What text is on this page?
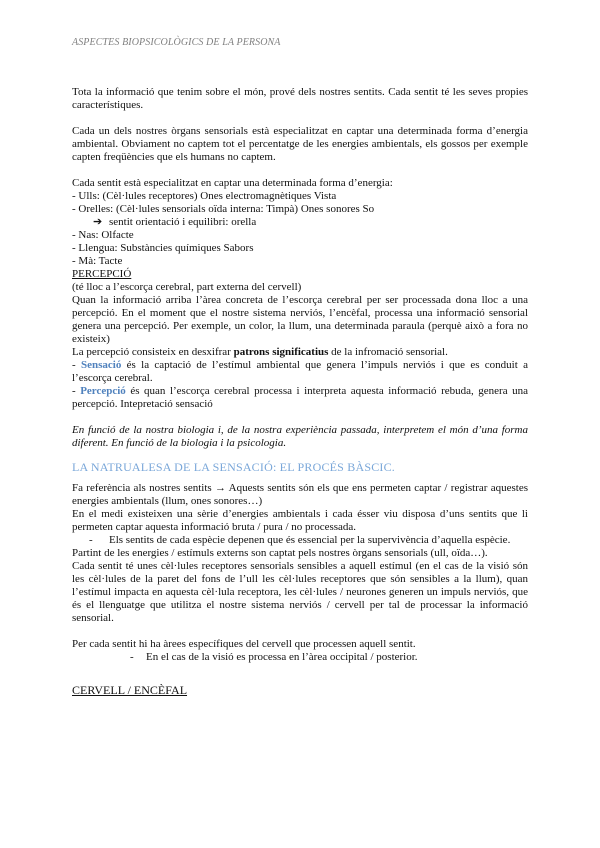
ASPECTES BIOPSICOLÒGICS DE LA PERSONA

Tota la informació que tenim sobre el món, prové dels nostres sentits. Cada sentit té les seves propies característiques.

Cada un dels nostres òrgans sensorials està especialitzat en captar una determinada forma d’energia ambiental. Obviament no captem tot el percentatge de les energies ambientals, els gossos per exemple capten freqüències que els humans no captem.

Cada sentit està especialitzat en captar una determinada forma d’energia:

- Ulls: (Cèl·lules receptores) Ones electromagnètiques Vista

- Orelles: (Cèl·lules sensorials oïda interna: Timpà) Ones sonores So

➔ sentit orientació i equilibri: orella

- Nas: Olfacte

- Llengua: Substàncies químiques Sabors

- Mà: Tacte

PERCEPCIÓ

(té lloc a l’escorça cerebral, part externa del cervell)

Quan la informació arriba l’àrea concreta de l’escorça cerebral per ser processada dona lloc a una percepció. En el moment que el nostre sistema nerviós, l’encèfal, processa una informació sensorial genera una percepció. Per exemple, un color, la llum, una determinada paraula (perquè això a fora no existeix)

La percepció consisteix en desxifrar patrons significatius de la infromació sensorial.

- Sensació és la captació de l’estímul ambiental que genera l’impuls nerviós i que es conduit a l’escorça cerebral.

- Percepció és quan l’escorça cerebral processa i interpreta aquesta informació rebuda, genera una percepció. Intepretació sensació

En funció de la nostra biologia i, de la nostra experiència passada, interpretem el món d’una forma diferent. En funció de la biologia i la psicologia.

LA NATRUALESA DE LA SENSACIÓ: EL PROCÉS BÀSCIC.

Fa referència als nostres sentits → Aquests sentits són els que ens permeten captar / registrar aquestes energies ambientals (llum, ones sonores…)

En el medi existeixen una sèrie d’energies ambientals i cada ésser viu disposa d’uns sentits que li permeten captar aquesta informació bruta / pura / no processada.

-	Els sentits de cada espècie depenen que és essencial per la supervivència d’aquella espècie.

Partint de les energies / estímuls externs son captat pels nostres òrgans sensorials (ull, oïda…).

Cada sentit té unes cèl·lules receptores sensorials sensibles a aquell estímul (en el cas de la visió són les cèl·lules de la paret del fons de l’ull les cèl·lules receptores que són sensibles a la llum), quan l’estímul impacta en aquesta cèl·lula receptora, les cèl·lules / neurones generen un impuls nerviós, que és el llenguatge que utilitza el nostre sistema nerviós / cervell per tal de processar la informació sensorial.

Per cada sentit hi ha àrees específiques del cervell que processen aquell sentit.

- En el cas de la visió es processa en l’àrea occipital / posterior.

CERVELL / ENCÈFAL
